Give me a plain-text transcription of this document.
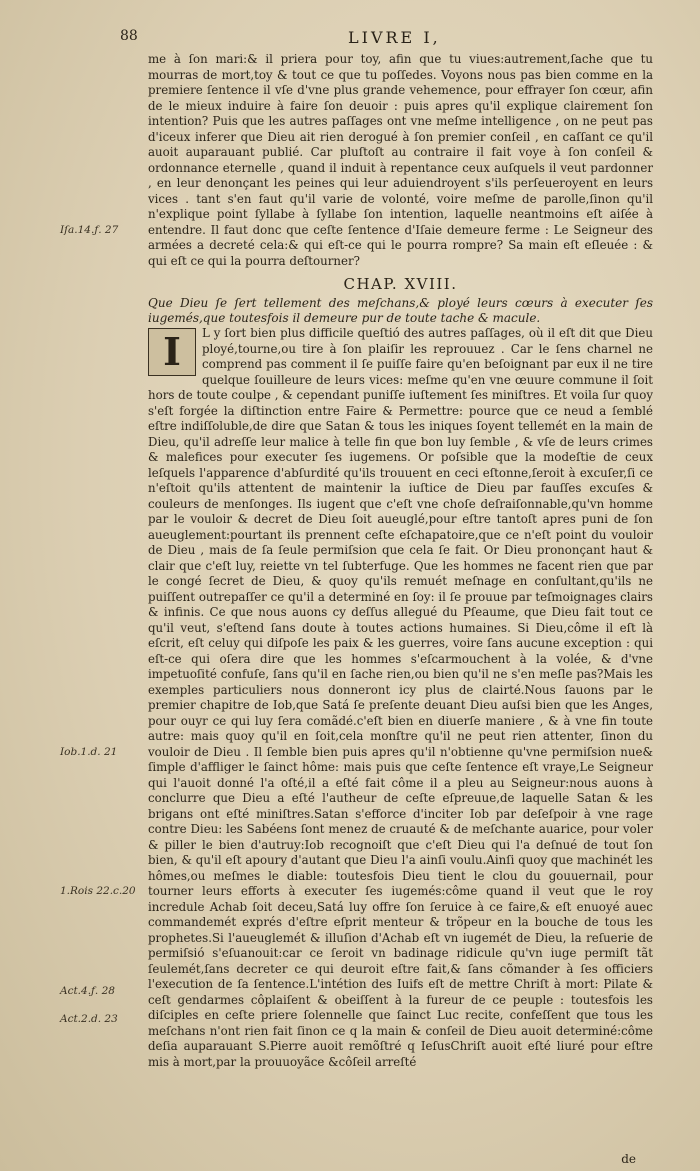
88	LIVRE I,

me à ſon mari:& il priera pour toy, afin que tu viues:autrement,ſache que tu mourras de mort,toy & tout ce que tu poſſedes. Voyons nous pas bien comme en la premiere ſentence il vſe d'vne plus grande vehemence, pour effrayer ſon cœur, afin de le mieux induire à faire ſon deuoir : puis apres qu'il explique clairement ſon intention? Puis que les autres paſſages ont vne meſme intelligence , on ne peut pas d'iceux inferer que Dieu ait rien derogué à ſon premier conſeil , en caſſant ce qu'il auoit auparauant publié. Car pluſtoſt au contraire il fait voye à ſon conſeil & ordonnance eternelle , quand il induit à repentance ceux auſquels il veut pardonner , en leur denonçant les peines qui leur aduiendroyent s'ils perſeueroyent en leurs vices . tant s'en faut qu'il varie de volonté, voire meſme de parolle,ſinon qu'il n'explique point ſyllabe à ſyllabe ſon intention, laquelle neantmoins eſt aiſée à entendre. Il faut donc que ceſte ſentence d'Iſaie demeure ferme : Le Seigneur des armées a decreté cela:& qui eſt-ce qui le pourra rompre? Sa main eſt eſleuée : & qui eſt ce qui la pourra deſtourner?

CHAP. XVIII.

Que Dieu ſe ſert tellement des meſchans,& ployé leurs cœurs à executer ſes iugemés,que toutesfois il demeure pur de toute tache & macule.

I	L y ſort bien plus difficile queſtió des autres paſſages, où il eſt dit que Dieu ployé,tourne,ou tire à ſon plaiſir les reprouuez . Car le ſens charnel ne comprend pas comment il ſe puiſſe faire qu'en beſoignant par eux il ne tire quelque ſouilleure de leurs vices: meſme qu'en vne œuure commune il ſoit hors de toute coulpe , & cependant puniſſe iuſtement ſes miniſtres. Et voila ſur quoy s'eſt forgée la diſtinction entre Faire & Permettre: pource que ce neud a ſemblé eſtre indiſſoluble,de dire que Satan & tous les iniques ſoyent tellemét en la main de Dieu, qu'il adreſſe leur malice à telle fin que bon luy ſemble , & vſe de leurs crimes & malefices pour executer ſes iugemens. Or poſsible que la modeſtie de ceux leſquels l'apparence d'abſurdité qu'ils trouuent en ceci eſtonne,ſeroit à excuſer,ſi ce n'eſtoit qu'ils attentent de maintenir la iuſtice de Dieu par fauſſes excuſes & couleurs de menſonges. Ils iugent que c'eſt vne choſe deſraiſonnable,qu'vn homme par le vouloir & decret de Dieu ſoit aueuglé,pour eſtre tantoſt apres puni de ſon aueuglement:pourtant ils prennent ceſte eſchapatoire,que ce n'eſt point du vouloir de Dieu , mais de ſa ſeule permiſsion que cela ſe fait. Or Dieu prononçant haut & clair que c'eſt luy, reiette vn tel ſubterfuge. Que les hommes ne facent rien que par le congé ſecret de Dieu, & quoy qu'ils remuét meſnage en conſultant,qu'ils ne puiſſent outrepaſſer ce qu'il a determiné en ſoy: il ſe prouue par teſmoignages clairs & infinis. Ce que nous auons cy deſſus allegué du Pſeaume, que Dieu fait tout ce qu'il veut, s'eſtend ſans doute à toutes actions humaines. Si Dieu,côme il eſt là eſcrit, eſt celuy qui diſpoſe les paix & les guerres, voire ſans aucune exception : qui eſt-ce qui oſera dire que les hommes s'eſcarmouchent à la volée, & d'vne impetuoſité confuſe, ſans qu'il en ſache rien,ou bien qu'il ne s'en meſle pas?Mais les exemples particuliers nous donneront icy plus de clairté.Nous ſauons par le premier chapitre de Iob,que Satá ſe preſente deuant Dieu auſsi bien que les Anges, pour ouyr ce qui luy ſera comãdé.c'eſt bien en diuerſe maniere , & à vne fin toute autre: mais quoy qu'il en ſoit,cela monſtre qu'il ne peut rien attenter, ſinon du vouloir de Dieu . Il ſemble bien puis apres qu'il n'obtienne qu'vne permiſsion nue& ſimple d'affliger le ſainct hôme: mais puis que ceſte ſentence eſt vraye,Le Seigneur qui l'auoit donné l'a oſté,il a eſté fait côme il a pleu au Seigneur:nous auons à conclurre que Dieu a eſté l'autheur de ceſte eſpreuue,de laquelle Satan & les brigans ont eſté miniſtres.Satan s'efforce d'inciter Iob par deſeſpoir à vne rage contre Dieu: les Sabéens ſont menez de cruauté & de meſchante auarice, pour voler & piller le bien d'autruy:Iob recognoiſt que c'eſt Dieu qui l'a deſnué de tout ſon bien, & qu'il eſt apoury d'autant que Dieu l'a ainſi voulu.Ainſi quoy que machinét les hômes,ou meſmes le diable: toutesfois Dieu tient le clou du gouuernail, pour tourner leurs efforts à executer ſes iugemés:côme quand il veut que le roy incredule Achab ſoit deceu,Satá luy offre ſon ſeruice à ce faire,& eſt enuoyé auec commandemét exprés d'eſtre eſprit menteur & trõpeur en la bouche de tous les prophetes.Si l'aueuglemét & illuſion d'Achab eſt vn iugemét de Dieu, la reſuerie de permiſsió s'eſuanouit:car ce ſeroit vn badinage ridicule qu'vn iuge permiſt tãt ſeulemét,ſans decreter ce qui deuroit eſtre fait,& ſans cõmander à ſes officiers l'execution de ſa ſentence.L'intétion des Iuifs eſt de mettre Chriſt à mort: Pilate & ceſt gendarmes côplaiſent & obeiſſent à la fureur de ce peuple : toutesfois les diſciples en ceſte priere ſolennelle que ſainct Luc recite, confeſſent que tous les meſchans n'ont rien fait ſinon ce q la main & conſeil de Dieu auoit determiné:côme deſia auparauant S.Pierre auoit remõſtré q IeſusChriſt auoit eſté liuré pour eſtre mis à mort,par la prouuoyãce &côſeil arreſté

Iſa.14.ƒ. 27
Iob.1.d. 21
1.Rois 22.c.20
Act.4.ƒ. 28
Act.2.d. 23
de
